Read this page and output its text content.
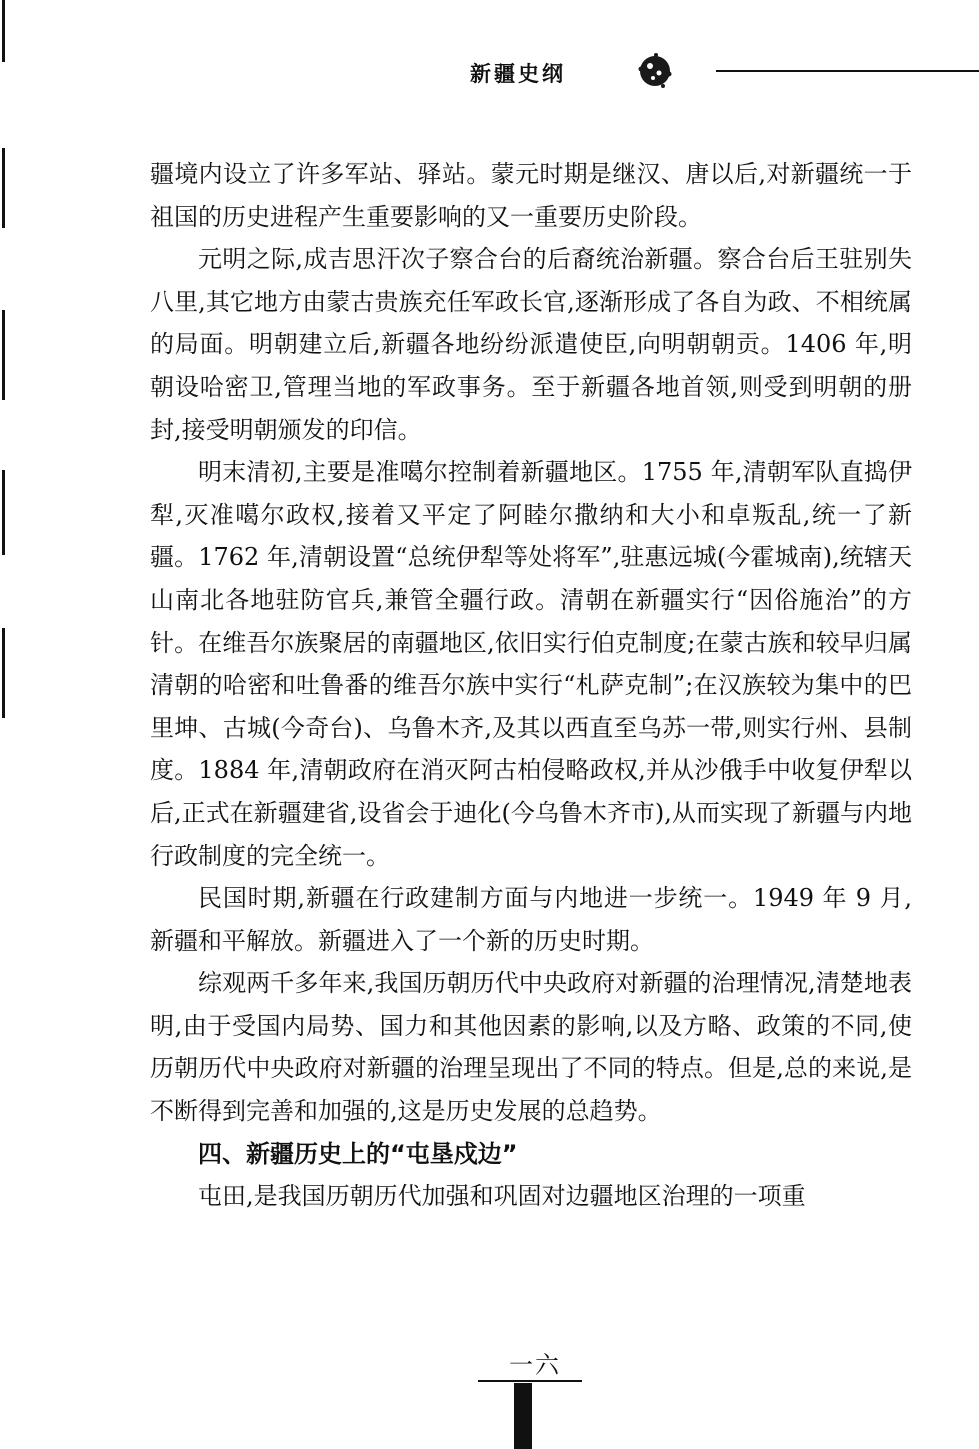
新疆史纲

疆境内设立了许多军站、驿站。蒙元时期是继汉、唐以后,对新疆统一于祖国的历史进程产生重要影响的又一重要历史阶段。

元明之际,成吉思汗次子察合台的后裔统治新疆。察合台后王驻别失八里,其它地方由蒙古贵族充任军政长官,逐渐形成了各自为政、不相统属的局面。明朝建立后,新疆各地纷纷派遣使臣,向明朝朝贡。1406 年,明朝设哈密卫,管理当地的军政事务。至于新疆各地首领,则受到明朝的册封,接受明朝颁发的印信。

明末清初,主要是准噶尔控制着新疆地区。1755 年,清朝军队直捣伊犁,灭准噶尔政权,接着又平定了阿睦尔撒纳和大小和卓叛乱,统一了新疆。1762 年,清朝设置“总统伊犁等处将军”,驻惠远城(今霍城南),统辖天山南北各地驻防官兵,兼管全疆行政。清朝在新疆实行“因俗施治”的方针。在维吾尔族聚居的南疆地区,依旧实行伯克制度;在蒙古族和较早归属清朝的哈密和吐鲁番的维吾尔族中实行“札萨克制”;在汉族较为集中的巴里坤、古城(今奇台)、乌鲁木齐,及其以西直至乌苏一带,则实行州、县制度。1884 年,清朝政府在消灭阿古柏侵略政权,并从沙俄手中收复伊犁以后,正式在新疆建省,设省会于迪化(今乌鲁木齐市),从而实现了新疆与内地行政制度的完全统一。

民国时期,新疆在行政建制方面与内地进一步统一。1949 年 9 月,新疆和平解放。新疆进入了一个新的历史时期。

综观两千多年来,我国历朝历代中央政府对新疆的治理情况,清楚地表明,由于受国内局势、国力和其他因素的影响,以及方略、政策的不同,使历朝历代中央政府对新疆的治理呈现出了不同的特点。但是,总的来说,是不断得到完善和加强的,这是历史发展的总趋势。

四、新疆历史上的“屯垦戍边”

屯田,是我国历朝历代加强和巩固对边疆地区治理的一项重

一六
